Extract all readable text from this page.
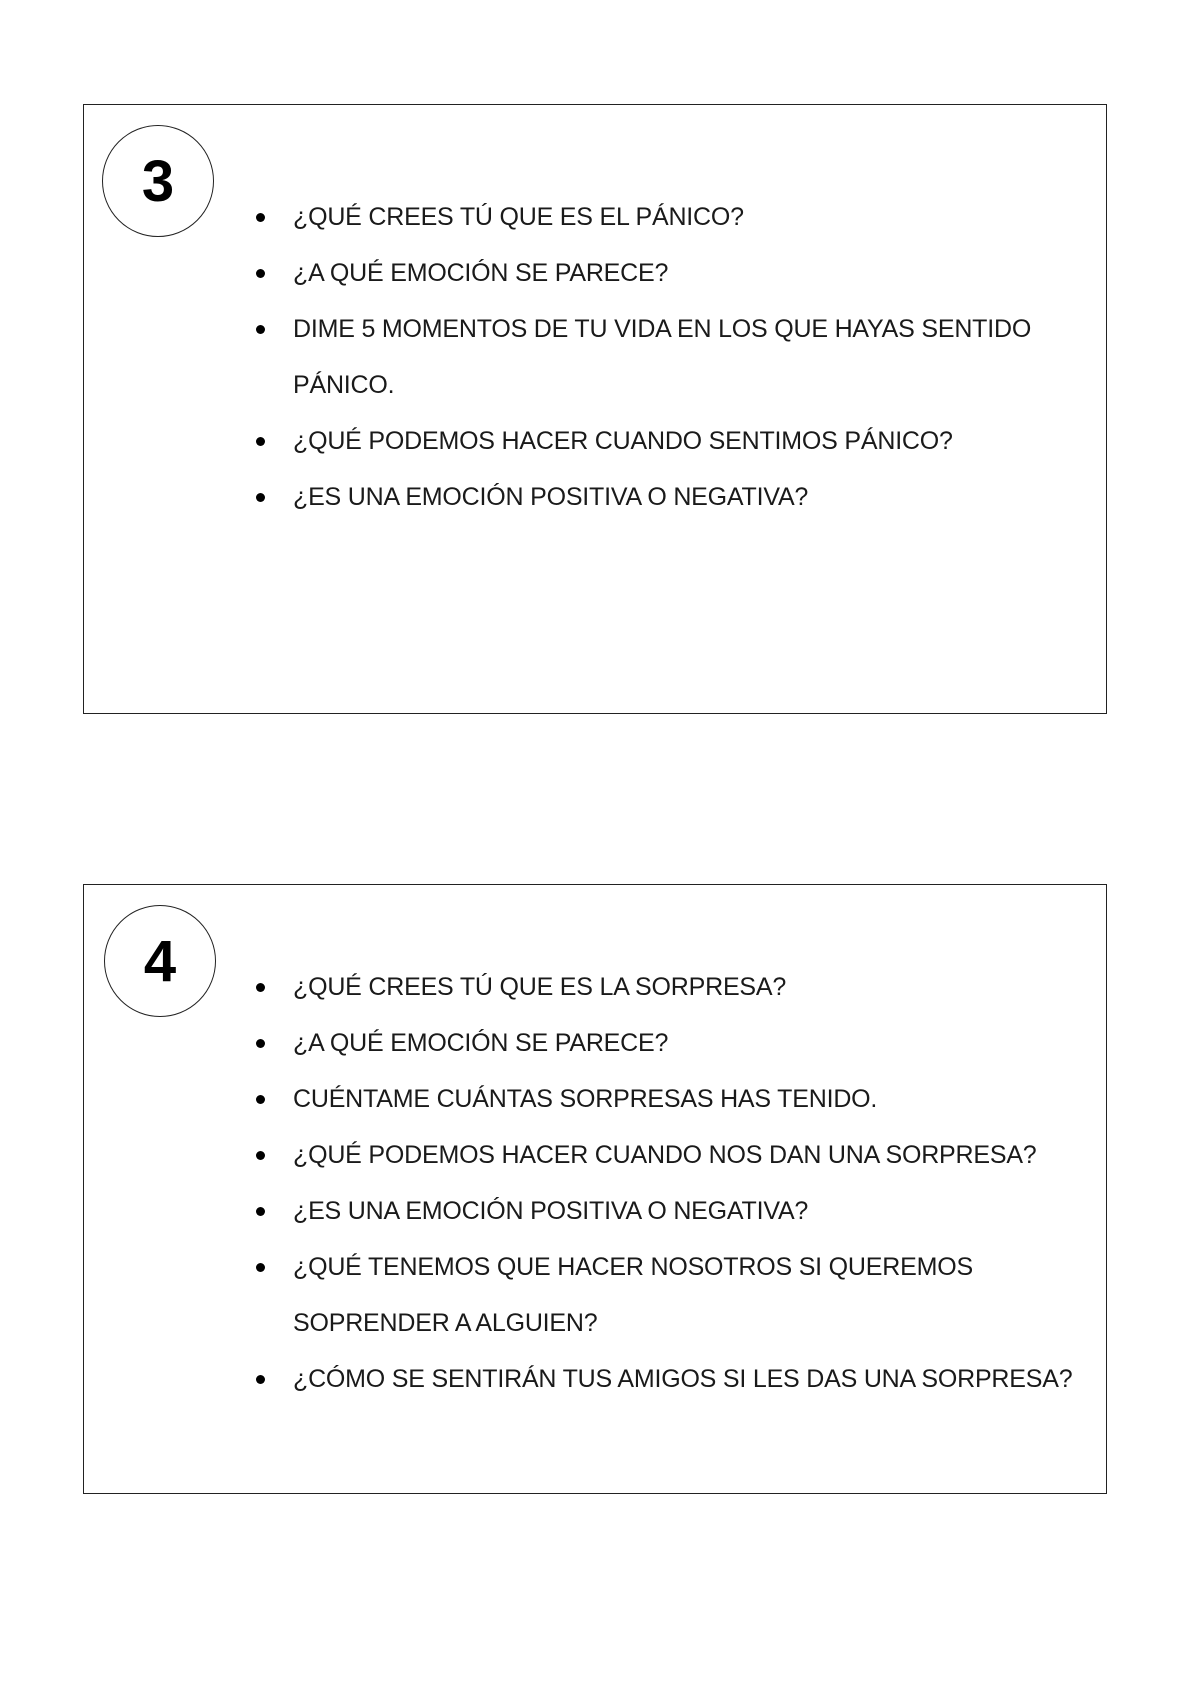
3
¿QUÉ CREES TÚ QUE ES EL PÁNICO?
¿A QUÉ EMOCIÓN SE PARECE?
DIME 5 MOMENTOS DE TU VIDA EN LOS QUE HAYAS SENTIDO PÁNICO.
¿QUÉ PODEMOS HACER CUANDO SENTIMOS PÁNICO?
¿ES UNA EMOCIÓN POSITIVA O NEGATIVA?
4	¿QUÉ CREES TÚ QUE ES LA SORPRESA?
¿A QUÉ EMOCIÓN SE PARECE?
CUÉNTAME CUÁNTAS SORPRESAS HAS TENIDO.
¿QUÉ PODEMOS HACER CUANDO NOS DAN UNA SORPRESA?
¿ES UNA EMOCIÓN POSITIVA O NEGATIVA?
¿QUÉ TENEMOS QUE HACER NOSOTROS SI QUEREMOS SOPRENDER A ALGUIEN?
¿CÓMO SE SENTIRÁN TUS AMIGOS SI LES DAS UNA SORPRESA?
